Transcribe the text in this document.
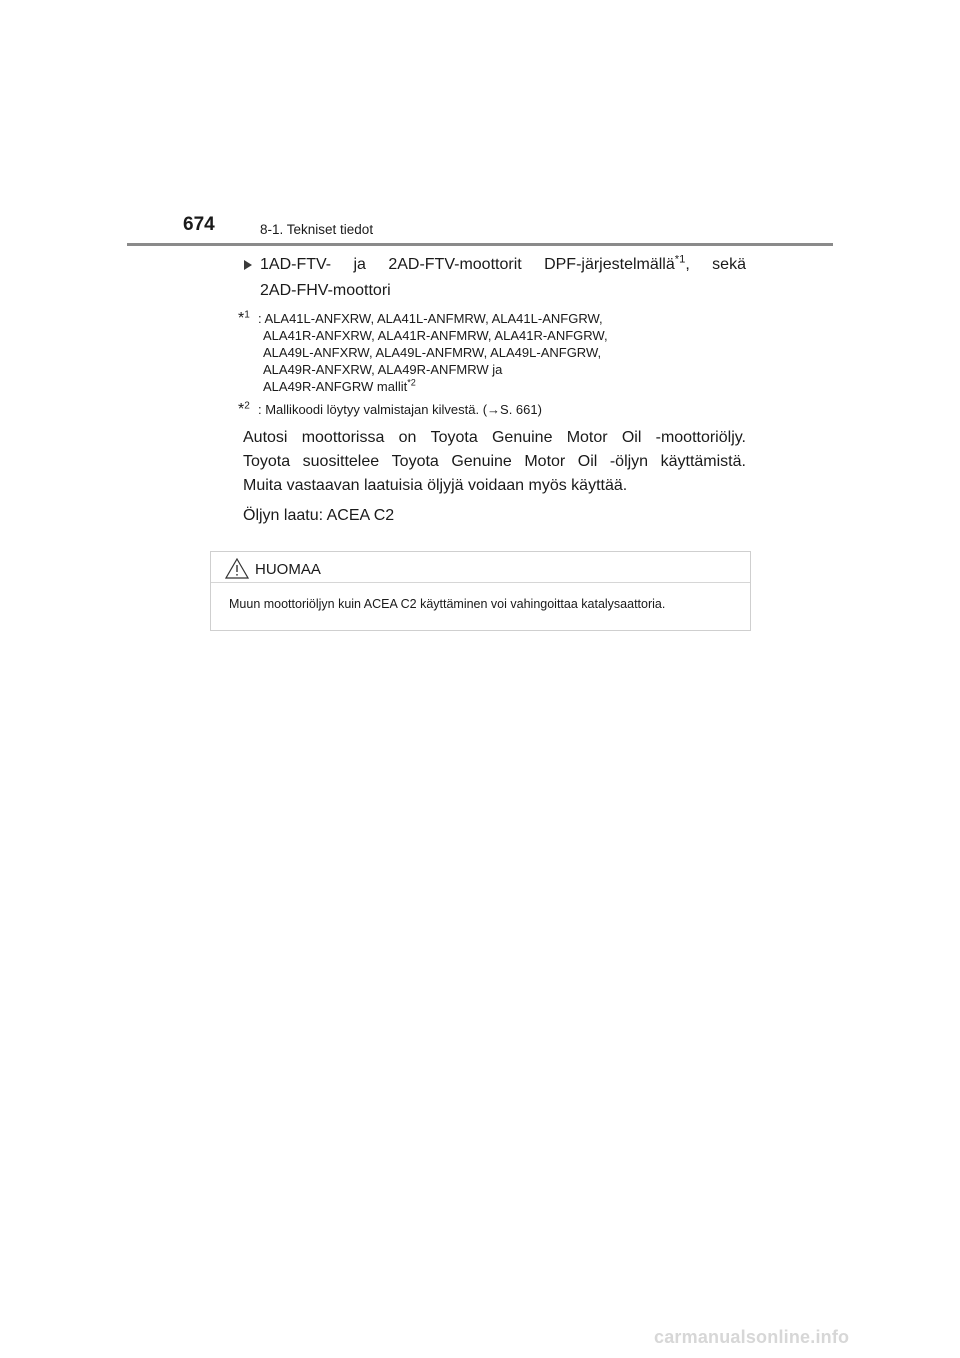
674	8-1. Tekniset tiedot
1AD-FTV- ja 2AD-FTV-moottorit DPF-järjestelmällä$^{*1}$, sekä
2AD-FHV-moottori
*$^1$ : ALA41L-ANFXRW, ALA41L-ANFMRW, ALA41L-ANFGRW,
ALA41R-ANFXRW, ALA41R-ANFMRW, ALA41R-ANFGRW,
ALA49L-ANFXRW, ALA49L-ANFMRW, ALA49L-ANFGRW,
ALA49R-ANFXRW, ALA49R-ANFMRW ja
ALA49R-ANFGRW mallit$^{*2}$
*$^2$ : Mallikoodi löytyy valmistajan kilvestä. (→S. 661)
Autosi moottorissa on Toyota Genuine Motor Oil -moottoriöljy.
Toyota suosittelee Toyota Genuine Motor Oil -öljyn käyttämistä.
Muita vastaavan laatuisia öljyjä voidaan myös käyttää.
Öljyn laatu: ACEA C2
HUOMAA
Muun moottoriöljyn kuin ACEA C2 käyttäminen voi vahingoittaa katalysaattoria.
carmanualsonline.info
